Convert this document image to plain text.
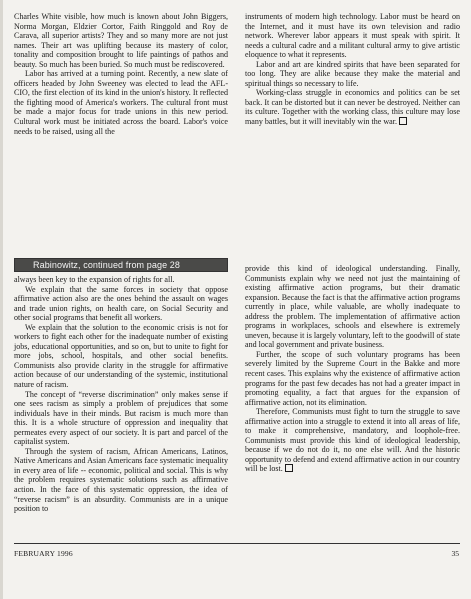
Charles White visible, how much is known about John Biggers, Norma Morgan, Eldzier Cortor, Faith Ringgold and Roy de Carava, all superior artists? They and so many more are not just names. Their art was uplifting because its mastery of color, tonality and composition brought to life paintings of pathos and beauty. So much has been buried. So much must be rediscovered.

Labor has arrived at a turning point. Recently, a new slate of officers headed by John Sweeney was elected to lead the AFL-CIO, the first election of its kind in the union's history. It reflected the fighting mood of America's workers. The cultural front must be made a major focus for trade unions in this new period. Cultural work must be initiated across the board. Labor's voice needs to be raised, using all the

instruments of modern high technology. Labor must be heard on the Internet, and it must have its own television and radio network. Wherever labor appears it must speak with spirit. It needs a cultural cadre and a militant cultural army to give artistic eloquence to what it represents.

Labor and art are kindred spirits that have been separated for too long. They are alike because they make the material and spiritual things so necessary to life.

Working-class struggle in economics and politics can be set back. It can be distorted but it can never be destroyed. Neither can its culture. Together with the working class, this culture may lose many battles, but it will inevitably win the war.

Rabinowitz, continued from page 28

always been key to the expansion of rights for all.

We explain that the same forces in society that oppose affirmative action also are the ones behind the assault on wages and trade union rights, on health care, on Social Security and other social programs that benefit all workers.

We explain that the solution to the economic crisis is not for workers to fight each other for the inadequate number of existing jobs, educational opportunities, and so on, but to unite to fight for more jobs, school, hospitals, and other social benefits. Communists also provide clarity in the struggle for affirmative action because of our understanding of the systemic, institutional nature of racism.

The concept of “reverse discrimination” only makes sense if one sees racism as simply a problem of prejudices that some individuals have in their minds. But racism is much more than this. It is a whole structure of oppression and inequality that permeates every aspect of our society. It is part and parcel of the capitalist system.

Through the system of racism, African Americans, Latinos, Native Americans and Asian Americans face systematic inequality in every area of life -- economic, political and social. This is why the problem requires systematic solutions such as affirmative action. In the face of this systematic oppression, the idea of “reverse racism” is an absurdity. Communists are in a unique position to

provide this kind of ideological understanding. Finally, Communists explain why we need not just the maintaining of existing affirmative action programs, but their dramatic expansion. Because the fact is that the affirmative action programs currently in place, while valuable, are wholly inadequate to address the problem. The implementation of affirmative action programs in workplaces, schools and elsewhere is extremely uneven, because it is largely voluntary, left to the goodwill of state and local government and private business.

Further, the scope of such voluntary programs has been severely limited by the Supreme Court in the Bakke and more recent cases. This explains why the existence of affirmative action programs for the past few decades has not had a greater impact in promoting equality, a fact that argues for the expansion of affirmative action, not its elimination.

Therefore, Communists must fight to turn the struggle to save affirmative action into a struggle to extend it into all areas of life, to make it comprehensive, mandatory, and loophole-free. Communists must provide this kind of ideological leadership, because if we do not do it, no one else will. And the historic opportunity to defend and extend affirmative action in our country will be lost.

FEBRUARY 1996	35
